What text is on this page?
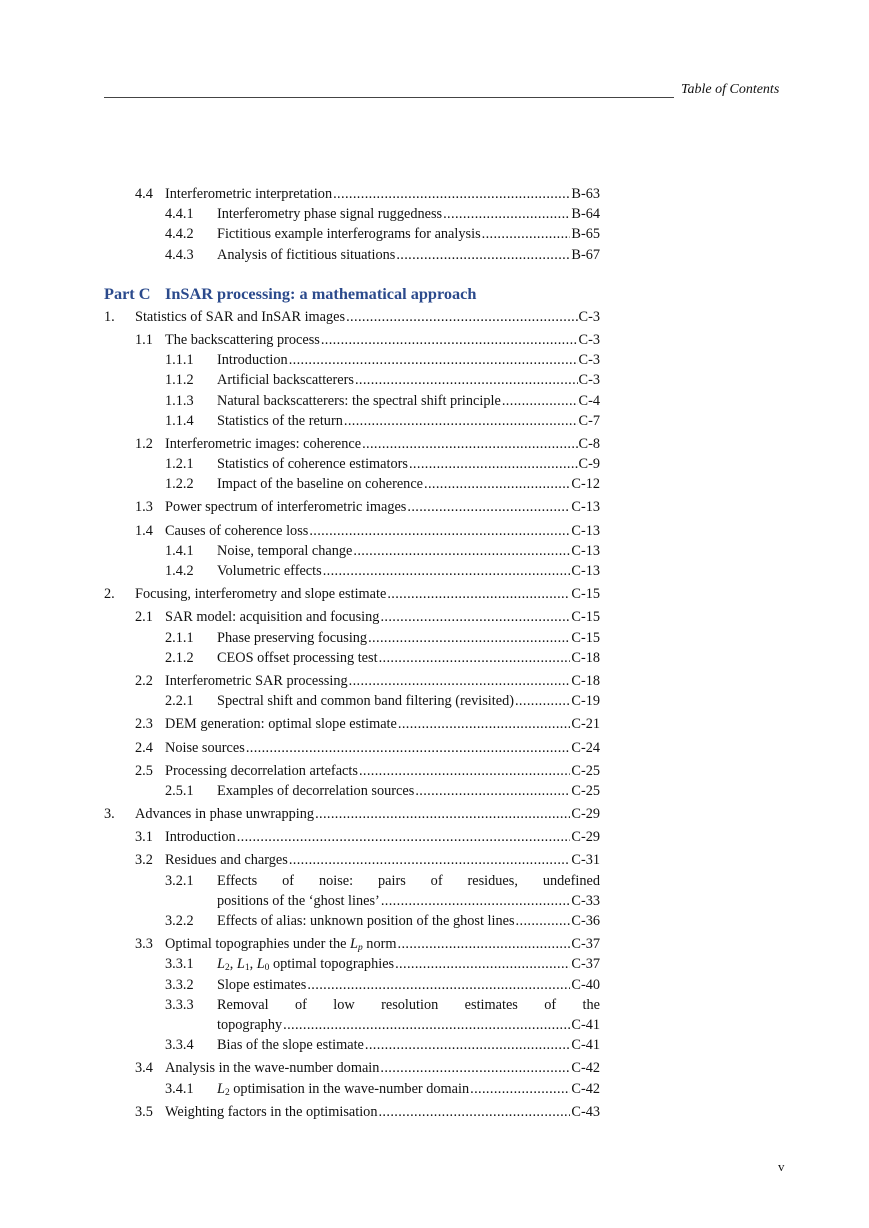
Table of Contents
4.4 Interferometric interpretation . . .	B-63
4.4.1	Interferometry phase signal ruggedness . . .	B-64
4.4.2	Fictitious example interferograms for analysis . . .	B-65
4.4.3	Analysis of fictitious situations . . .	B-67
Part C InSAR processing: a mathematical approach
1.	Statistics of SAR and InSAR images . . .	C-3
1.1 The backscattering process . . .	C-3
1.1.1	Introduction . . .	C-3
1.1.2	Artificial backscatterers . . .	C-3
1.1.3	Natural backscatterers: the spectral shift principle . . .	C-4
1.1.4	Statistics of the return . . .	C-7
1.2 Interferometric images: coherence . . .	C-8
1.2.1	Statistics of coherence estimators . . .	C-9
1.2.2	Impact of the baseline on coherence . . .	C-12
1.3 Power spectrum of interferometric images . . .	C-13
1.4 Causes of coherence loss . . .	C-13
1.4.1	Noise, temporal change . . .	C-13
1.4.2	Volumetric effects . . .	C-13
2.	Focusing, interferometry and slope estimate . . .	C-15
2.1 SAR model: acquisition and focusing . . .	C-15
2.1.1	Phase preserving focusing . . .	C-15
2.1.2	CEOS offset processing test . . .	C-18
2.2 Interferometric SAR processing . . .	C-18
2.2.1	Spectral shift and common band filtering (revisited) . . .	C-19
2.3 DEM generation: optimal slope estimate . . .	C-21
2.4 Noise sources . . .	C-24
2.5 Processing decorrelation artefacts . . .	C-25
2.5.1	Examples of decorrelation sources . . .	C-25
3.	Advances in phase unwrapping . . .	C-29
3.1 Introduction . . .	C-29
3.2 Residues and charges . . .	C-31
3.2.1	Effects of noise: pairs of residues, undefined
positions of the ‘ghost lines’ . . .	C-33
3.2.2	Effects of alias: unknown position of the ghost lines . . .	C-36
3.3 Optimal topographies under the $L_p$ norm . . .	C-37
3.3.1	$L_2$, $L_1$, $L_0$ optimal topographies . . .	C-37
3.3.2	Slope estimates . . .	C-40
3.3.3	Removal of low resolution estimates of the
topography . . .	C-41
3.3.4	Bias of the slope estimate . . .	C-41
3.4 Analysis in the wave-number domain . . .	C-42
3.4.1	$L_2$ optimisation in the wave-number domain . . .	C-42
3.5 Weighting factors in the optimisation . . .	C-43
v
